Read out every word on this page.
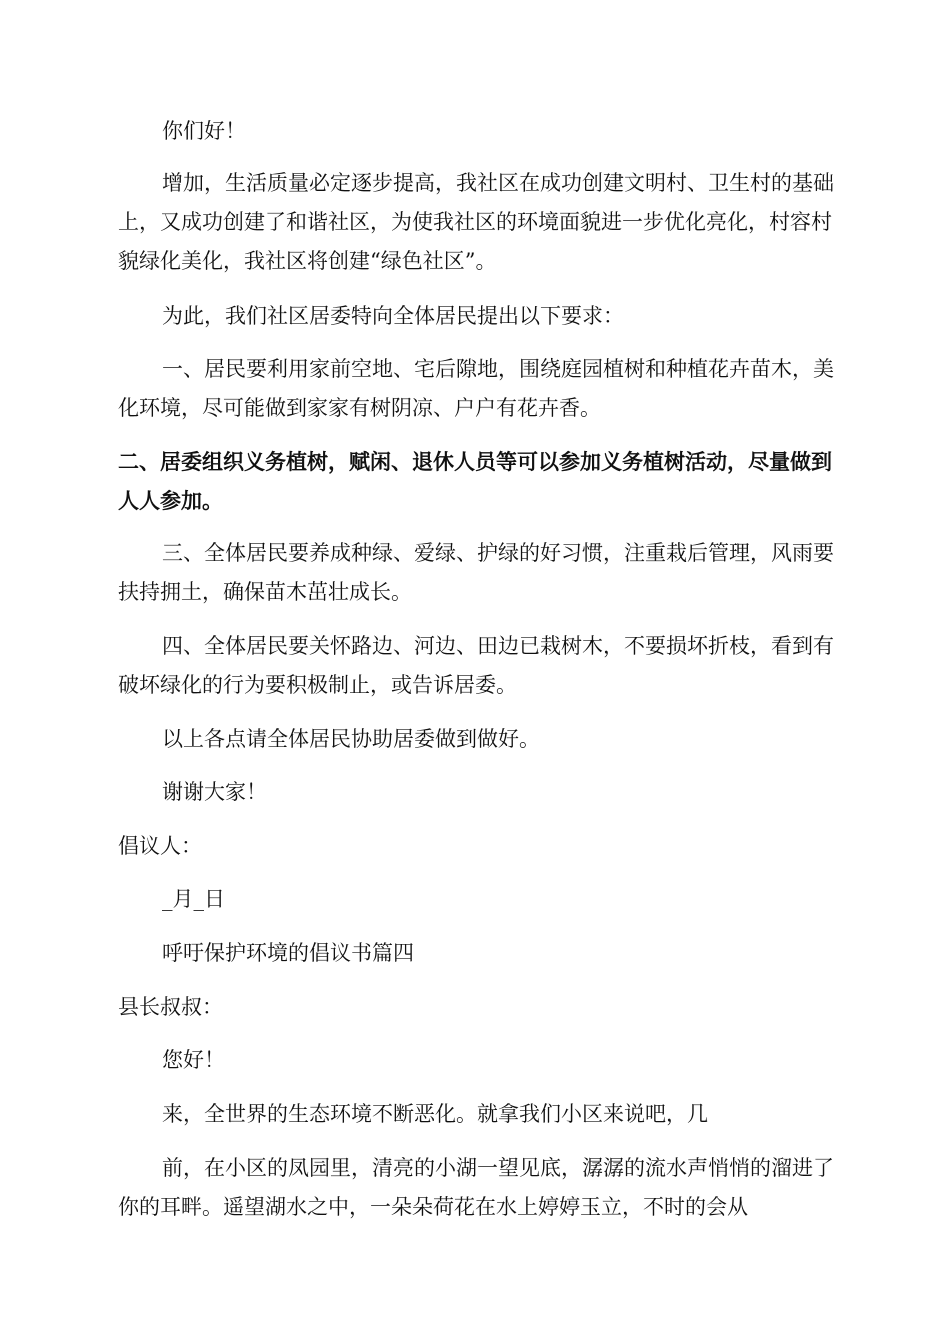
你们好！

增加，生活质量必定逐步提高，我社区在成功创建文明村、卫生村的基础上，又成功创建了和谐社区，为使我社区的环境面貌进一步优化亮化，村容村貌绿化美化，我社区将创建“绿色社区”。

为此，我们社区居委特向全体居民提出以下要求：

一、居民要利用家前空地、宅后隙地，围绕庭园植树和种植花卉苗木，美化环境，尽可能做到家家有树阴凉、户户有花卉香。

二、居委组织义务植树，赋闲、退休人员等可以参加义务植树活动，尽量做到人人参加。

三、全体居民要养成种绿、爱绿、护绿的好习惯，注重栽后管理，风雨要扶持拥土，确保苗木茁壮成长。

四、全体居民要关怀路边、河边、田边已栽树木，不要损坏折枝，看到有破坏绿化的行为要积极制止，或告诉居委。

以上各点请全体居民协助居委做到做好。

谢谢大家！

倡议人：

_月_日

呼吁保护环境的倡议书篇四

县长叔叔：

您好！

来，全世界的生态环境不断恶化。就拿我们小区来说吧，几

前，在小区的凤园里，清亮的小湖一望见底，潺潺的流水声悄悄的溜进了你的耳畔。遥望湖水之中，一朵朵荷花在水上婷婷玉立，不时的会从
